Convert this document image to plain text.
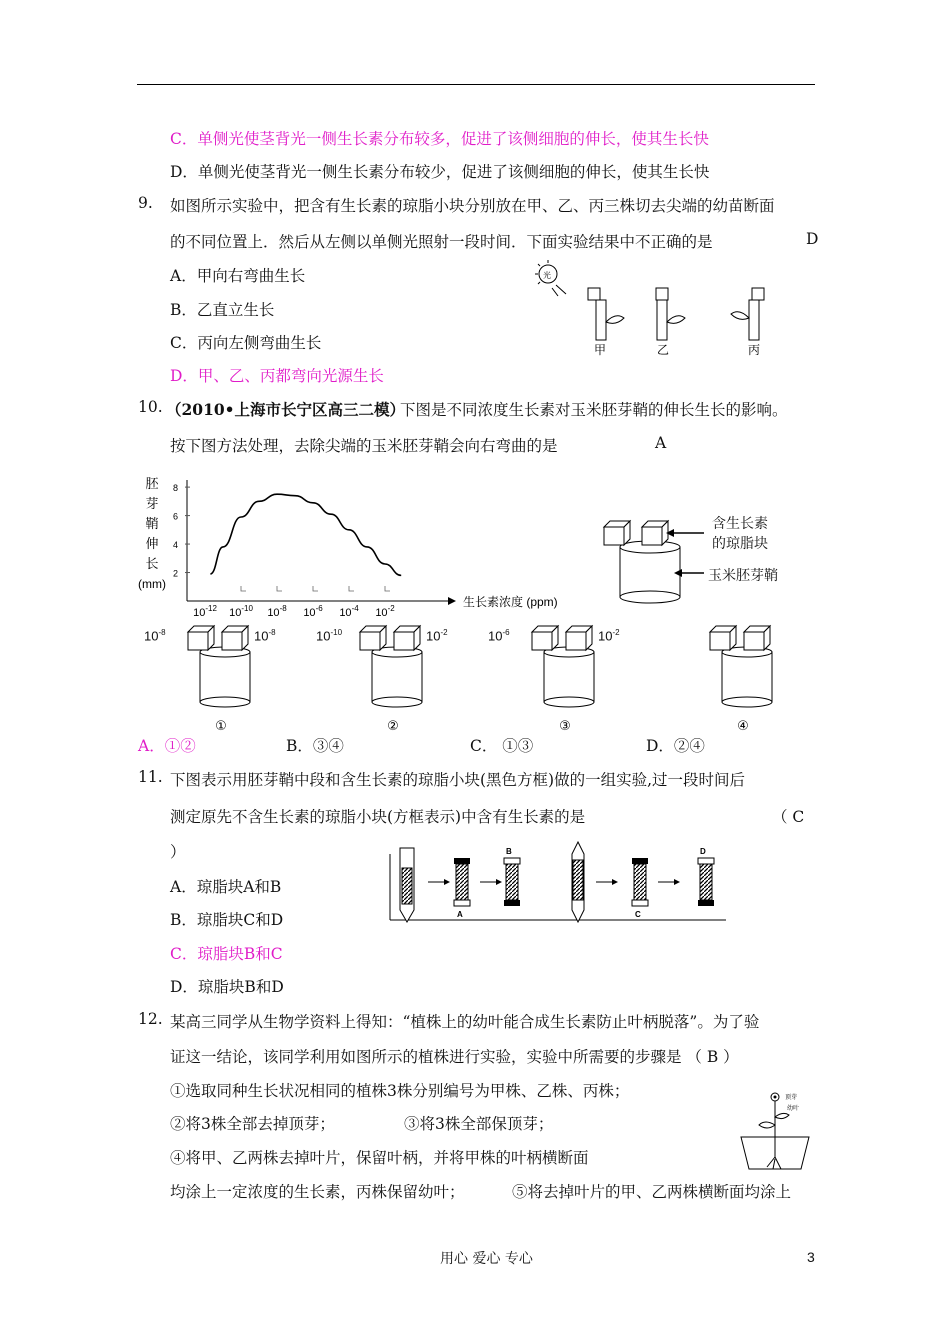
C．单侧光使茎背光一侧生长素分布较多，促进了该侧细胞的伸长，使其生长快
D．单侧光使茎背光一侧生长素分布较少，促进了该侧细胞的伸长，使其生长快
9. 如图所示实验中，把含有生长素的琼脂小块分别放在甲、乙、丙三株切去尖端的幼苗断面
的不同位置上．然后从左侧以单侧光照射一段时间．下面实验结果中不正确的是	D
A．甲向右弯曲生长
B．乙直立生长
C．丙向左侧弯曲生长
D．甲、乙、丙都弯向光源生长
光
甲	乙	丙
10. （2010•上海市长宁区高三二模）
下图是不同浓度生长素对玉米胚芽鞘的伸长生长的影响。
按下图方法处理，去除尖端的玉米胚芽鞘会向右弯曲的是	A
胚
芽
鞘
伸
长
(mm)
2
4
6
8
$10^{-12}$ $10^{-10}$ $10^{-8}$ $10^{-6}$ $10^{-4}$ $10^{-2}$	生长素浓度 (ppm)
含生长素
的琼脂块
玉米胚芽鞘
①
$10^{-8}$	$10^{-8}$
②
$10^{-10}$	$10^{-2}$
③
$10^{-6}$	$10^{-2}$
④
A．①②	B．③④	C． ①③	D．②④
11. 下图表示用胚芽鞘中段和含生长素的琼脂小块(黑色方框)做的一组实验,过一段时间后
测定原先不含生长素的琼脂小块(方框表示)中含有生长素的是	（ C
）
A．琼脂块A和B
B．琼脂块C和D
C．琼脂块B和C
D．琼脂块B和D
A
B
C
D
12. 某高三同学从生物学资料上得知：“植株上的幼叶能合成生长素防止叶柄脱落”。为了验
证这一结论，该同学利用如图所示的植株进行实验，实验中所需要的步骤是 （ B ）
①选取同种生长状况相同的植株3株分别编号为甲株、乙株、丙株；
②将3株全部去掉顶芽；	③将3株全部保顶芽；
④将甲、乙两株去掉叶片，保留叶柄，并将甲株的叶柄横断面
均涂上一定浓度的生长素，丙株保留幼叶；	⑤将去掉叶片的甲、乙两株横断面均涂上
顶芽
幼叶
用心 爱心 专心	3
